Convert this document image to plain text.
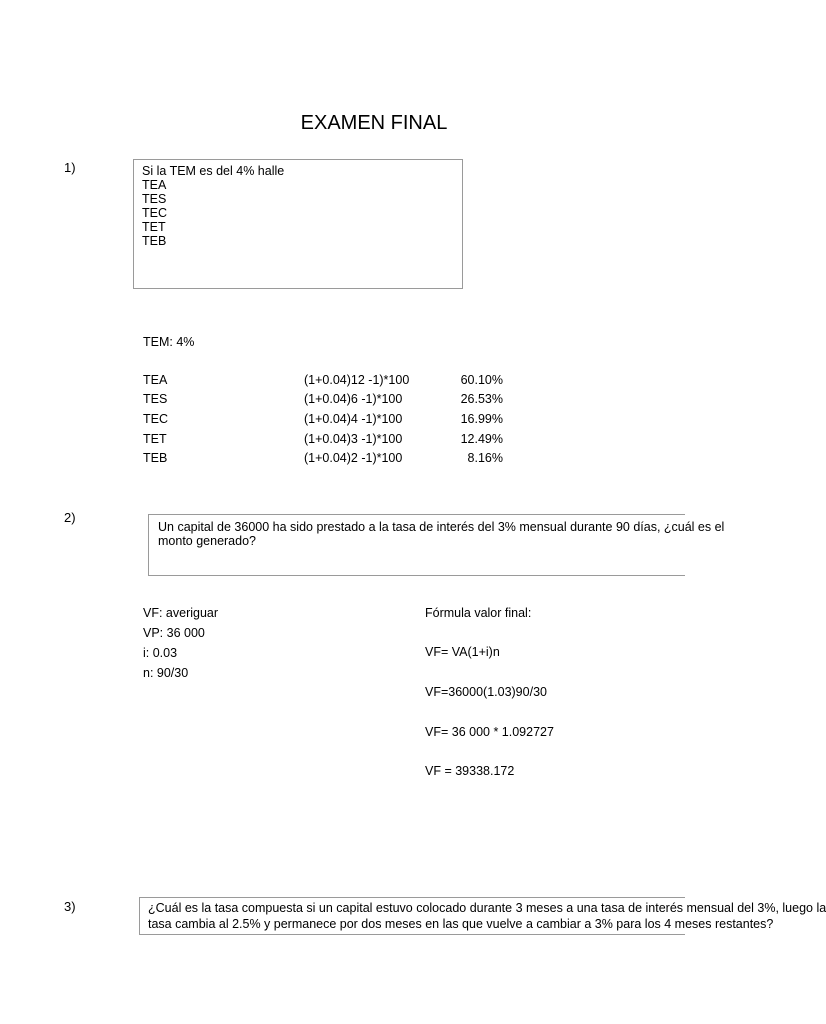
EXAMEN FINAL
1)	Si la TEM es del 4% halle
TEA
TES
TEC
TET
TEB
TEM: 4%
TEA	(1+0.04)12 -1)*100	60.10%
TES	(1+0.04)6 -1)*100	26.53%
TEC	(1+0.04)4 -1)*100	16.99%
TET	(1+0.04)3 -1)*100	12.49%
TEB	(1+0.04)2 -1)*100	8.16%
2)
Un capital de 36000 ha sido prestado a la tasa de interés del 3% mensual durante 90 días, ¿cuál es el
monto generado?
VF: averiguar
VP: 36 000
i: 0.03
n: 90/30
Fórmula valor final:
VF= VA(1+i)n
VF=36000(1.03)90/30
VF= 36 000 * 1.092727
VF = 39338.172
3)	¿Cuál es la tasa compuesta si un capital estuvo colocado durante 3 meses a una tasa de interés mensual del 3%, luego la
tasa cambia al 2.5% y permanece por dos meses en las que vuelve a cambiar a 3% para los 4 meses restantes?
